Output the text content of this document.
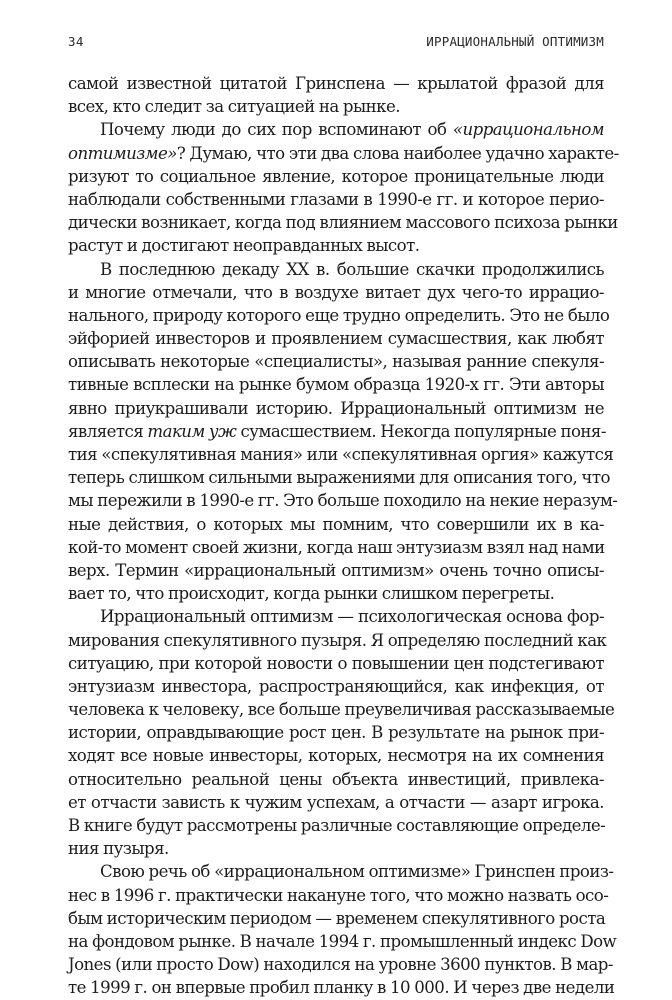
34	ИРРАЦИОНАЛЬНЫЙ ОПТИМИЗМ
самой известной цитатой Гринспена — крылатой фразой для
всех, кто следит за ситуацией на рынке.
Почему люди до сих пор вспоминают об «иррациональном
оптимизме»? Думаю, что эти два слова наиболее удачно характе-
ризуют то социальное явление, которое проницательные люди
наблюдали собственными глазами в 1990-е гг. и которое перио-
дически возникает, когда под влиянием массового психоза рынки
растут и достигают неоправданных высот.
В последнюю декаду XX в. большие скачки продолжились
и многие отмечали, что в воздухе витает дух чего-то иррацио-
нального, природу которого еще трудно определить. Это не было
эйфорией инвесторов и проявлением сумасшествия, как любят
описывать некоторые «специалисты», называя ранние спекуля-
тивные всплески на рынке бумом образца 1920-х гг. Эти авторы
явно приукрашивали историю. Иррациональный оптимизм не
является таким уж сумасшествием. Некогда популярные поня-
тия «спекулятивная мания» или «спекулятивная оргия» кажутся
теперь слишком сильными выражениями для описания того, что
мы пережили в 1990-е гг. Это больше походило на некие неразум-
ные действия, о которых мы помним, что совершили их в ка-
кой-то момент своей жизни, когда наш энтузиазм взял над нами
верх. Термин «иррациональный оптимизм» очень точно описы-
вает то, что происходит, когда рынки слишком перегреты.
Иррациональный оптимизм — психологическая основа фор-
мирования спекулятивного пузыря. Я определяю последний как
ситуацию, при которой новости о повышении цен подстегивают
энтузиазм инвестора, распространяющийся, как инфекция, от
человека к человеку, все больше преувеличивая рассказываемые
истории, оправдывающие рост цен. В результате на рынок при-
ходят все новые инвесторы, которых, несмотря на их сомнения
относительно реальной цены объекта инвестиций, привлека-
ет отчасти зависть к чужим успехам, а отчасти — азарт игрока.
В книге будут рассмотрены различные составляющие определе-
ния пузыря.
Свою речь об «иррациональном оптимизме» Гринспен произ-
нес в 1996 г. практически накануне того, что можно назвать осо-
бым историческим периодом — временем спекулятивного роста
на фондовом рынке. В начале 1994 г. промышленный индекс Dow
Jones (или просто Dow) находился на уровне 3600 пунктов. В мар-
те 1999 г. он впервые пробил планку в 10 000. И через две недели
